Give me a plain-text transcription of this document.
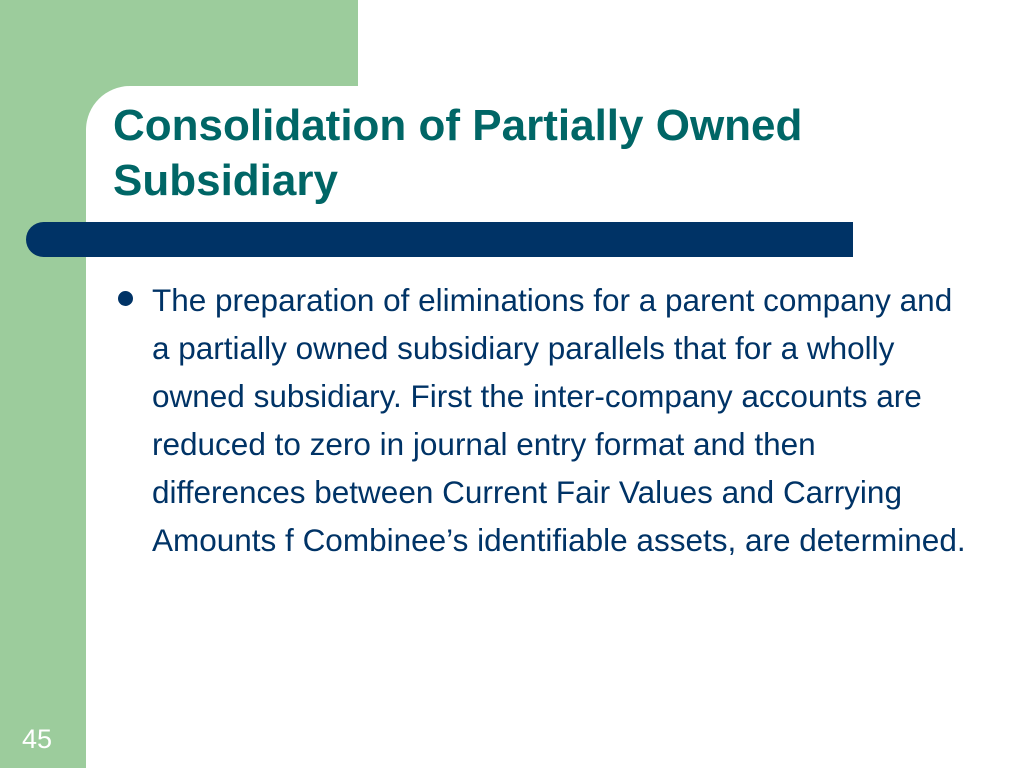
Consolidation of Partially Owned Subsidiary
The preparation of eliminations for a parent company and a partially owned subsidiary parallels that for a wholly owned subsidiary. First the inter-company accounts are reduced to zero in journal entry format and then differences between Current Fair Values and Carrying Amounts f Combinee’s identifiable assets, are determined.
45
